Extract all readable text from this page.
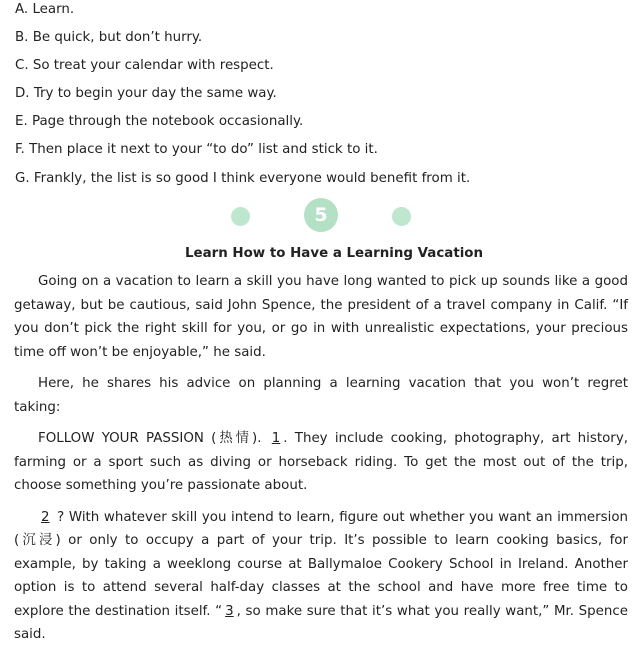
A. Learn.
B. Be quick, but don’t hurry.
C. So treat your calendar with respect.
D. Try to begin your day the same way.
E. Page through the notebook occasionally.
F. Then place it next to your “to do” list and stick to it.
G. Frankly, the list is so good I think everyone would benefit from it.
5
Learn How to Have a Learning Vacation

Going on a vacation to learn a skill you have long wanted to pick up sounds like a good getaway, but be cautious, said John Spence, the president of a travel company in Calif. “If you don’t pick the right skill for you, or go in with unrealistic expectations, your precious time off won’t be enjoyable,” he said.

Here, he shares his advice on planning a learning vacation that you won’t regret taking:

FOLLOW YOUR PASSION (热情). 1 . They include cooking, photography, art history, farming or a sport such as diving or horseback riding. To get the most out of the trip, choose something you’re passionate about.

2 ? With whatever skill you intend to learn, figure out whether you want an immersion (沉浸) or only to occupy a part of your trip. It’s possible to learn cooking basics, for example, by taking a weeklong course at Ballymaloe Cookery School in Ireland. Another option is to attend several half-day classes at the school and have more free time to explore the destination itself. “ 3 , so make sure that it’s what you really want,” Mr. Spence said.
